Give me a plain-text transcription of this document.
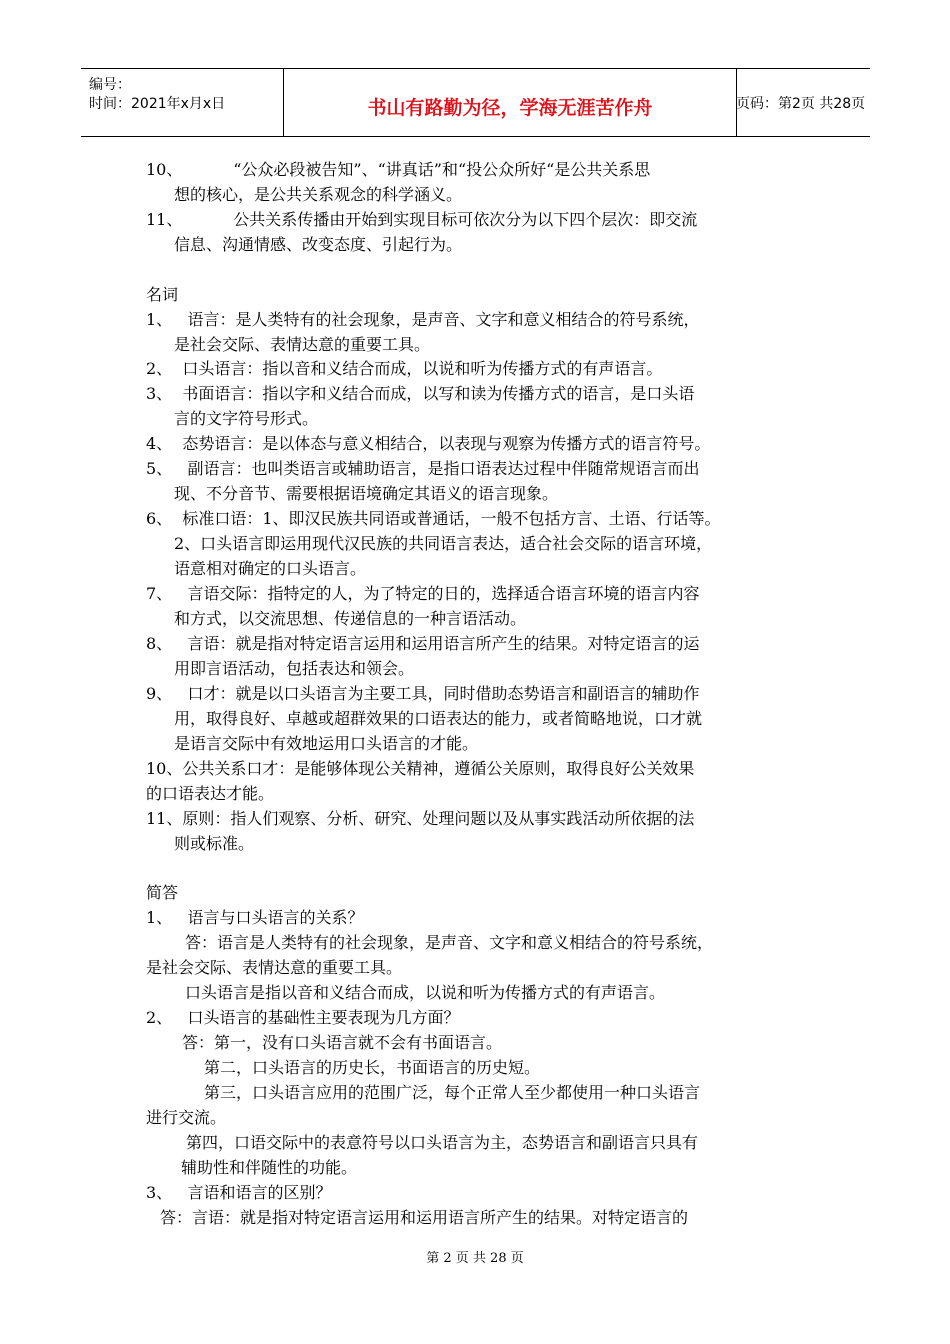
编号：
时间：2021年x月x日	书山有路勤为径，学海无涯苦作舟	页码：第2页 共28页
10、          “公众必段被告知”、“讲真话”和“投公众所好“是公共关系思
想的核心，是公共关系观念的科学涵义。
11、          公共关系传播由开始到实现目标可依次分为以下四个层次：即交流
信息、沟通情感、改变态度、引起行为。
名词
1、   语言：是人类特有的社会现象，是声音、文字和意义相结合的符号系统，
是社会交际、表情达意的重要工具。
2、  口头语言：指以音和义结合而成，以说和听为传播方式的有声语言。
3、  书面语言：指以字和义结合而成，以写和读为传播方式的语言，是口头语
言的文字符号形式。
4、  态势语言：是以体态与意义相结合，以表现与观察为传播方式的语言符号。
5、   副语言：也叫类语言或辅助语言，是指口语表达过程中伴随常规语言而出
现、不分音节、需要根据语境确定其语义的语言现象。
6、  标准口语：1、即汉民族共同语或普通话，一般不包括方言、土语、行话等。
2、口头语言即运用现代汉民族的共同语言表达，适合社会交际的语言环境，
语意相对确定的口头语言。
7、   言语交际：指特定的人，为了特定的日的，选择适合语言环境的语言内容
和方式，以交流思想、传递信息的一种言语活动。
8、   言语：就是指对特定语言运用和运用语言所产生的结果。对特定语言的运
用即言语活动，包括表达和领会。
9、   口才：就是以口头语言为主要工具，同时借助态势语言和副语言的辅助作
用，取得良好、卓越或超群效果的口语表达的能力，或者简略地说，口才就
是语言交际中有效地运用口头语言的才能。
10、公共关系口才：是能够体现公关精神，遵循公关原则，取得良好公关效果
的口语表达才能。
11、原则：指人们观察、分析、研究、处理问题以及从事实践活动所依据的法
则或标准。
简答
1、   语言与口头语言的关系？
答：语言是人类特有的社会现象，是声音、文字和意义相结合的符号系统，
是社会交际、表情达意的重要工具。
口头语言是指以音和义结合而成，以说和听为传播方式的有声语言。
2、   口头语言的基础性主要表现为几方面？
答：第一，没有口头语言就不会有书面语言。
第二，口头语言的历史长，书面语言的历史短。
第三，口头语言应用的范围广泛，每个正常人至少都使用一种口头语言
进行交流。
第四，口语交际中的表意符号以口头语言为主，态势语言和副语言只具有
辅助性和伴随性的功能。
3、   言语和语言的区别？
答：言语：就是指对特定语言运用和运用语言所产生的结果。对特定语言的
第 2 页 共 28 页
